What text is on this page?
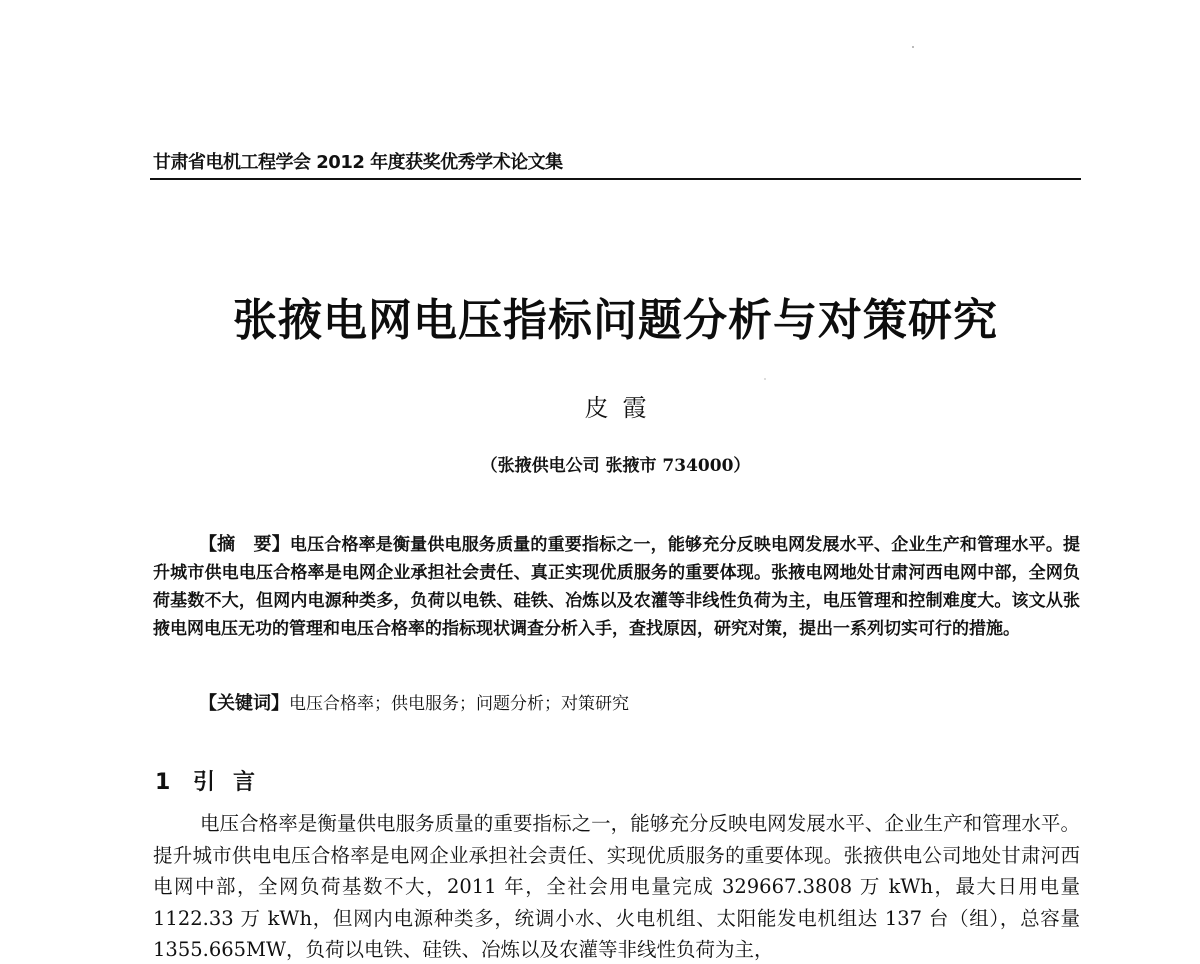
甘肃省电机工程学会 2012 年度获奖优秀学术论文集
张掖电网电压指标问题分析与对策研究
皮霞
（张掖供电公司 张掖市 734000）

【摘　要】电压合格率是衡量供电服务质量的重要指标之一，能够充分反映电网发展水平、企业生产和管理水平。提升城市供电电压合格率是电网企业承担社会责任、真正实现优质服务的重要体现。张掖电网地处甘肃河西电网中部，全网负荷基数不大，但网内电源种类多，负荷以电铁、硅铁、冶炼以及农灌等非线性负荷为主，电压管理和控制难度大。该文从张掖电网电压无功的管理和电压合格率的指标现状调查分析入手，查找原因，研究对策，提出一系列切实可行的措施。

【关键词】电压合格率；供电服务；问题分析；对策研究
1 引言

电压合格率是衡量供电服务质量的重要指标之一，能够充分反映电网发展水平、企业生产和管理水平。提升城市供电电压合格率是电网企业承担社会责任、实现优质服务的重要体现。张掖供电公司地处甘肃河西电网中部，全网负荷基数不大，2011 年，全社会用电量完成 329667.3808 万 kWh，最大日用电量 1122.33 万 kWh，但网内电源种类多，统调小水、火电机组、太阳能发电机组达 137 台（组），总容量 1355.665MW，负荷以电铁、硅铁、冶炼以及农灌等非线性负荷为主，
